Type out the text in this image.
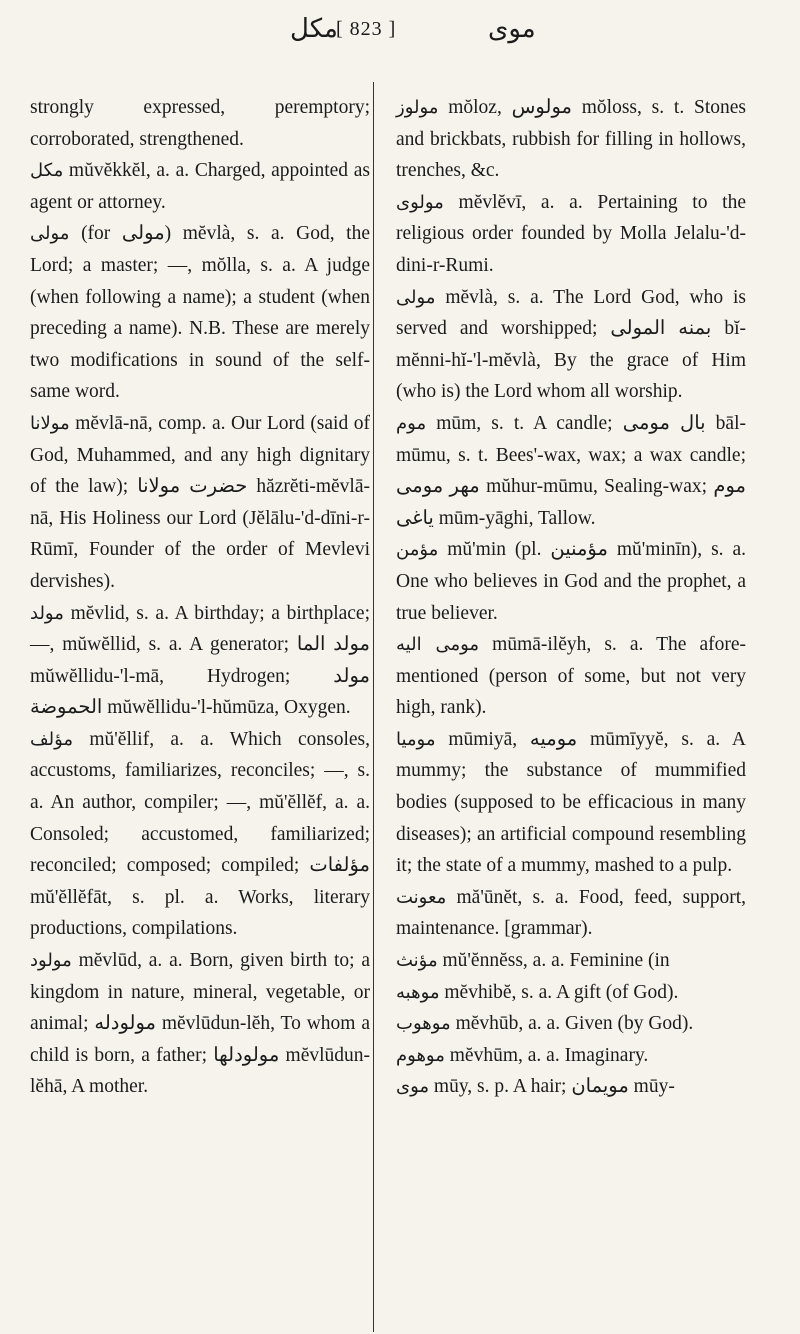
مكل
[ 823 ]	موى

strongly expressed, peremptory; corroborated, strengthened.

مكل mŭvĕkkĕl, a. a. Charged, appointed as agent or attorney.

مولى (for مولى) mĕvlà, s. a. God, the Lord; a master; —, mŏlla, s. a. A judge (when following a name); a student (when preceding a name). N.B. These are merely two modifications in sound of the self-same word.

مولانا mĕvlā-nā, comp. a. Our Lord (said of God, Muhammed, and any high dignitary of the law); حضرت مولانا hăzrĕti-mĕvlā-nā, His Holiness our Lord (Jĕlālu-'d-dīni-r-Rūmī, Founder of the order of Mevlevi dervishes).

مولد mĕvlid, s. a. A birthday; a birthplace; —, mŭwĕllid, s. a. A generator; مولد الما mŭwĕllidu-'l-mā, Hydrogen; مولد الحموضة mŭwĕllidu-'l-hŭmūza, Oxygen.

مؤلف mŭ'ĕllif, a. a. Which consoles, accustoms, familiarizes, reconciles; —, s. a. An author, compiler; —, mŭ'ĕllĕf, a. a. Consoled; accustomed, familiarized; reconciled; composed; compiled; مؤلفات mŭ'ĕllĕfāt, s. pl. a. Works, literary productions, compilations.

مولود mĕvlūd, a. a. Born, given birth to; a kingdom in nature, mineral, vegetable, or animal; مولودله mĕvlūdun-lĕh, To whom a child is born, a father; مولودلها mĕvlūdun-lĕhā, A mother.

مولوز mŏloz, مولوس mŏloss, s. t. Stones and brickbats, rubbish for filling in hollows, trenches, &c.

مولوى mĕvlĕvī, a. a. Pertaining to the religious order founded by Molla Jelalu-'d-dini-r-Rumi.

مولى mĕvlà, s. a. The Lord God, who is served and worshipped; بمنه المولى bĭ-mĕnni-hĭ-'l-mĕvlà, By the grace of Him (who is) the Lord whom all worship.

موم mūm, s. t. A candle; بال مومى bāl-mūmu, s. t. Bees'-wax, wax; a wax candle; مهر مومى mŭhur-mūmu, Sealing-wax; موم ياغى mūm-yāghi, Tallow.

مؤمن mŭ'min (pl. مؤمنين mŭ'minīn), s. a. One who believes in God and the prophet, a true believer.

مومى اليه mūmā-ilĕyh, s. a. The afore-mentioned (person of some, but not very high, rank).

موميا mūmiyā, موميه mūmīyyĕ, s. a. A mummy; the substance of mummified bodies (supposed to be efficacious in many diseases); an artificial compound resembling it; the state of a mummy, mashed to a pulp.

معونت mă'ūnĕt, s. a. Food, feed, support, maintenance. [grammar).

مؤنث mŭ'ĕnnĕss, a. a. Feminine (in

موهبه mĕvhibĕ, s. a. A gift (of God).

موهوب mĕvhūb, a. a. Given (by God).

موهوم mĕvhūm, a. a. Imaginary.

موى mūy, s. p. A hair; مويمان mūy-
